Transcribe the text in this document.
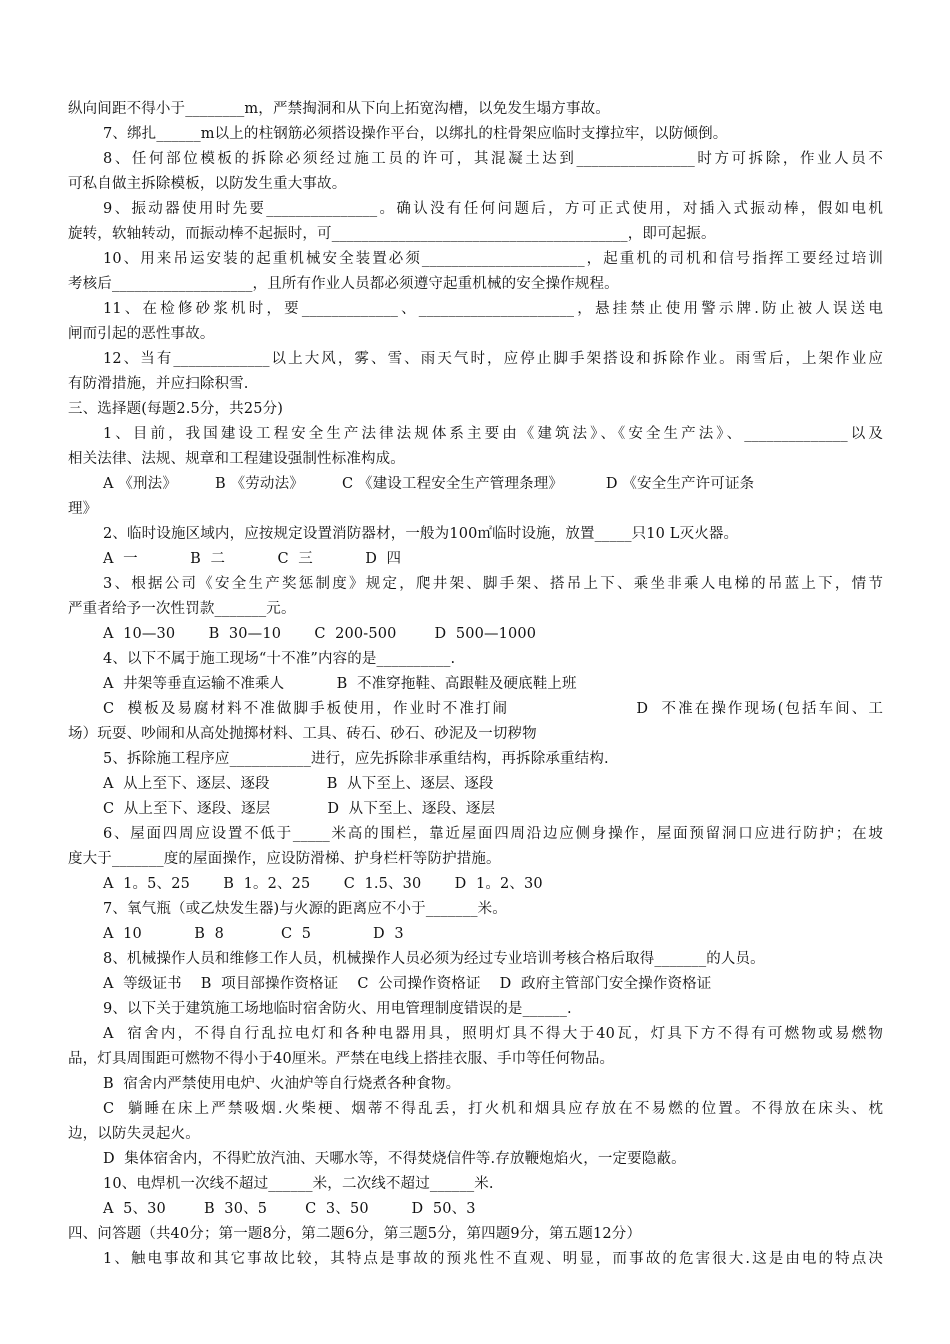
纵向间距不得小于________m，严禁掏洞和从下向上拓宽沟槽，以免发生塌方事故。
7、绑扎______m以上的柱钢筋必须搭设操作平台，以绑扎的柱骨架应临时支撑拉牢，以防倾倒。
8、任何部位模板的拆除必须经过施工员的许可，其混凝土达到________________时方可拆除，作业人员不
可私自做主拆除模板，以防发生重大事故。
9、振动器使用时先要_______________。确认没有任何问题后，方可正式使用，对插入式振动棒，假如电机
旋转，软轴转动，而振动棒不起振时，可________________________________________，即可起振。
10、用来吊运安装的起重机械安全装置必须______________________，起重机的司机和信号指挥工要经过培训
考核后___________________，且所有作业人员都必须遵守起重机械的安全操作规程。
11、在检修砂浆机时，要_____________、_____________________，悬挂禁止使用警示牌.防止被人误送电
闸而引起的恶性事故。
12、当有_____________以上大风，雾、雪、雨天气时，应停止脚手架搭设和拆除作业。雨雪后，上架作业应
有防滑措施，并应扫除积雪.
三、选择题(每题2.5分，共25分)
1、目前，我国建设工程安全生产法律法规体系主要由《建筑法》、《安全生产法》、______________以及
相关法律、法规、规章和工程建设强制性标准构成。
A 《刑法》        B 《劳动法》        C 《建设工程安全生产管理条理》         D 《安全生产许可证条
理》
2、临时设施区域内，应按规定设置消防器材，一般为100㎡临时设施，放置_____只10 L灭火器。
A  一           B  二           C  三           D  四
3、根据公司《安全生产奖惩制度》规定，爬井架、脚手架、搭吊上下、乘坐非乘人电梯的吊蓝上下，情节
严重者给予一次性罚款_______元。
A  10—30       B  30—10       C  200-500        D  500—1000
4、以下不属于施工现场“十不准”内容的是__________.
A  井架等垂直运输不准乘人           B  不准穿拖鞋、高跟鞋及硬底鞋上班
C  模板及易腐材料不准做脚手板使用，作业时不准打闹                   D  不准在操作现场(包括车间、工
场）玩耍、吵闹和从高处抛掷材料、工具、砖石、砂石、砂泥及一切秽物
5、拆除施工程序应___________进行，应先拆除非承重结构，再拆除承重结构.
A  从上至下、逐层、逐段            B  从下至上、逐层、逐段
C  从上至下、逐段、逐层            D  从下至上、逐段、逐层
6、屋面四周应设置不低于_____米高的围栏，靠近屋面四周沿边应侧身操作，屋面预留洞口应进行防护；在坡
度大于_______度的屋面操作，应设防滑梯、护身栏杆等防护措施。
A  1。5、25       B  1。2、25       C  1.5、30       D  1。2、30
7、氧气瓶（或乙炔发生器)与火源的距离应不小于_______米。
A  10           B  8            C  5             D  3
8、机械操作人员和维修工作人员，机械操作人员必须为经过专业培训考核合格后取得_______的人员。
A  等级证书    B  项目部操作资格证    C  公司操作资格证    D  政府主管部门安全操作资格证
9、以下关于建筑施工场地临时宿舍防火、用电管理制度错误的是______.
A  宿舍内，不得自行乱拉电灯和各种电器用具，照明灯具不得大于40瓦，灯具下方不得有可燃物或易燃物
品，灯具周围距可燃物不得小于40厘米。严禁在电线上搭挂衣服、手巾等任何物品。
B  宿舍内严禁使用电炉、火油炉等自行烧煮各种食物。
C  躺睡在床上严禁吸烟.火柴梗、烟蒂不得乱丢，打火机和烟具应存放在不易燃的位置。不得放在床头、枕
边，以防失灵起火。
D  集体宿舍内，不得贮放汽油、天哪水等，不得焚烧信件等.存放鞭炮焰火，一定要隐蔽。
10、电焊机一次线不超过______米，二次线不超过______米.
A  5、30        B  30、5        C  3、50         D  50、3
四、问答题（共40分；第一题8分，第二题6分，第三题5分，第四题9分，第五题12分）
1、触电事故和其它事故比较，其特点是事故的预兆性不直观、明显，而事故的危害很大.这是由电的特点决
